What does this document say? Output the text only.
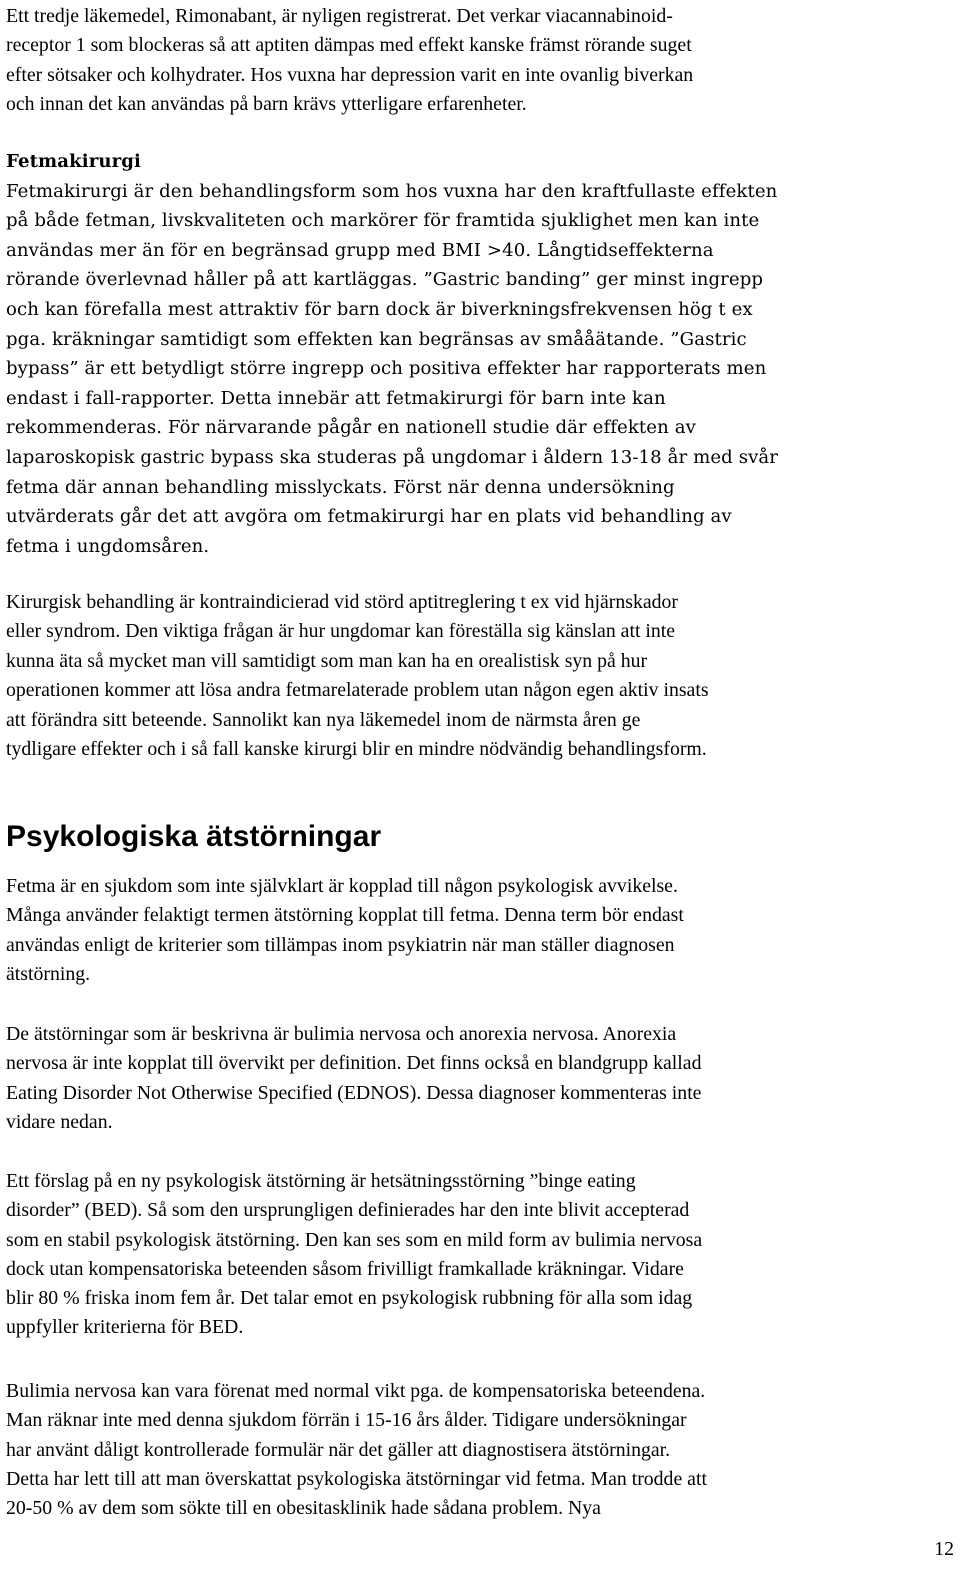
Ett tredje läkemedel, Rimonabant, är nyligen registrerat. Det verkar viacannabinoid-
receptor 1 som blockeras så att aptiten dämpas med effekt kanske främst rörande suget
efter sötsaker och kolhydrater. Hos vuxna har depression varit en inte ovanlig biverkan
och innan det kan användas på barn krävs ytterligare erfarenheter.
Fetmakirurgi
Fetmakirurgi är den behandlingsform som hos vuxna har den kraftfullaste effekten
på både fetman, livskvaliteten och markörer för framtida sjuklighet men kan inte
användas mer än för en begränsad grupp med BMI >40. Långtidseffekterna
rörande överlevnad håller på att kartläggas. ”Gastric banding” ger minst ingrepp
och kan förefalla mest attraktiv för barn dock är biverkningsfrekvensen hög t ex
pga. kräkningar samtidigt som effekten kan begränsas av smååätande. ”Gastric
bypass” är ett betydligt större ingrepp och positiva effekter har rapporterats men
endast i fall-rapporter. Detta innebär att fetmakirurgi för barn inte kan
rekommenderas. För närvarande pågår en nationell studie där effekten av
laparoskopisk gastric bypass ska studeras på ungdomar i åldern 13-18 år med svår
fetma där annan behandling misslyckats. Först när denna undersökning
utvärderats går det att avgöra om fetmakirurgi har en plats vid behandling av
fetma i ungdomsåren.
Kirurgisk behandling är kontraindicierad vid störd aptitreglering t ex vid hjärnskador
eller syndrom. Den viktiga frågan är hur ungdomar kan föreställa sig känslan att inte
kunna äta så mycket man vill samtidigt som man kan ha en orealistisk syn på hur
operationen kommer att lösa andra fetmarelaterade problem utan någon egen aktiv insats
att förändra sitt beteende. Sannolikt kan nya läkemedel inom de närmsta åren ge
tydligare effekter och i så fall kanske kirurgi blir en mindre nödvändig behandlingsform.
Psykologiska ätstörningar
Fetma är en sjukdom som inte självklart är kopplad till någon psykologisk avvikelse.
Många använder felaktigt termen ätstörning kopplat till fetma. Denna term bör endast
användas enligt de kriterier som tillämpas inom psykiatrin när man ställer diagnosen
ätstörning.
De ätstörningar som är beskrivna är bulimia nervosa och anorexia nervosa. Anorexia
nervosa är inte kopplat till övervikt per definition. Det finns också en blandgrupp kallad
Eating Disorder Not Otherwise Specified (EDNOS). Dessa diagnoser kommenteras inte
vidare nedan.
Ett förslag på en ny psykologisk ätstörning är hetsätningsstörning ”binge eating
disorder” (BED). Så som den ursprungligen definierades har den inte blivit accepterad
som en stabil psykologisk ätstörning. Den kan ses som en mild form av bulimia nervosa
dock utan kompensatoriska beteenden såsom frivilligt framkallade kräkningar. Vidare
blir 80 % friska inom fem år. Det talar emot en psykologisk rubbning för alla som idag
uppfyller kriterierna för BED.
Bulimia nervosa kan vara förenat med normal vikt pga. de kompensatoriska beteendena.
Man räknar inte med denna sjukdom förrän i 15-16 års ålder. Tidigare undersökningar
har använt dåligt kontrollerade formulär när det gäller att diagnostisera ätstörningar.
Detta har lett till att man överskattat psykologiska ätstörningar vid fetma. Man trodde att
20-50 % av dem som sökte till en obesitasklinik hade sådana problem. Nya
12
